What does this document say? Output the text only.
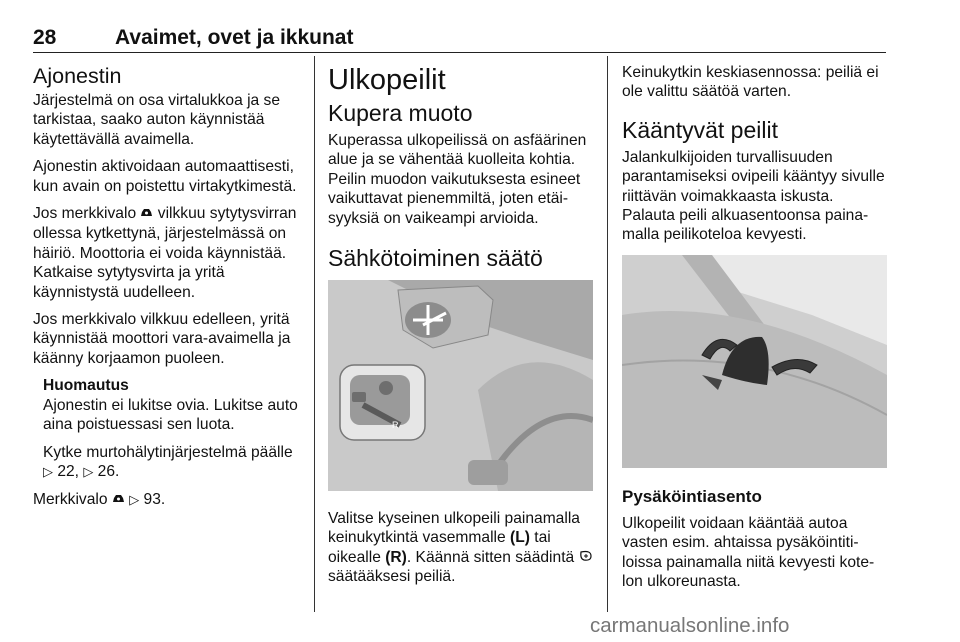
28	Avaimet, ovet ja ikkunat
Ajonestin

Järjestelmä on osa virtalukkoa ja se tarkistaa, saako auton käynnistää käytettävällä avaimella.

Ajonestin aktivoidaan automaattisesti, kun avain on poistettu virtakytkimestä.

Jos merkkivalo  vilkkuu sytytysvirran ollessa kytkettynä, järjestelmässä on häiriö. Moottoria ei voida käynnistää. Katkaise sytytysvirta ja yritä käynnistystä uudelleen.

Jos merkkivalo vilkkuu edelleen, yritä käynnistää moottori vara-avaimella ja käänny korjaamon puoleen.

Huomautus

Ajonestin ei lukitse ovia. Lukitse auto aina poistuessasi sen luota.

Kytke murtohälytinjärjestelmä päälle ▷ 22, ▷ 26.

Merkkivalo  ▷ 93.

Ulkopeilit
Kupera muoto

Kuperassa ulkopeilissä on asfäärinen alue ja se vähentää kuolleita kohtia. Peilin muodon vaikutuksesta esineet vaikuttavat pienemmiltä, joten etäisyyksiä on vaikeampi arvioida.

Sähkötoiminen säätö
R

Valitse kyseinen ulkopeili painamalla keinukytkintä vasemmalle (L) tai oikealle (R). Käännä sitten säädintä  säätääksesi peiliä.

Keinukytkin keskiasennossa: peiliä ei ole valittu säätöä varten.

Kääntyvät peilit

Jalankulkijoiden turvallisuuden parantamiseksi ovipeili kääntyy sivulle riittävän voimakkaasta iskusta. Palauta peili alkuasentoonsa painamalla peilikoteloa kevyesti.

Pysäköintiasento

Ulkopeilit voidaan kääntää autoa vasten esim. ahtaissa pysäköintitiloissa painamalla niitä kevyesti kotelon ulkoreunasta.

carmanualsonline.info
